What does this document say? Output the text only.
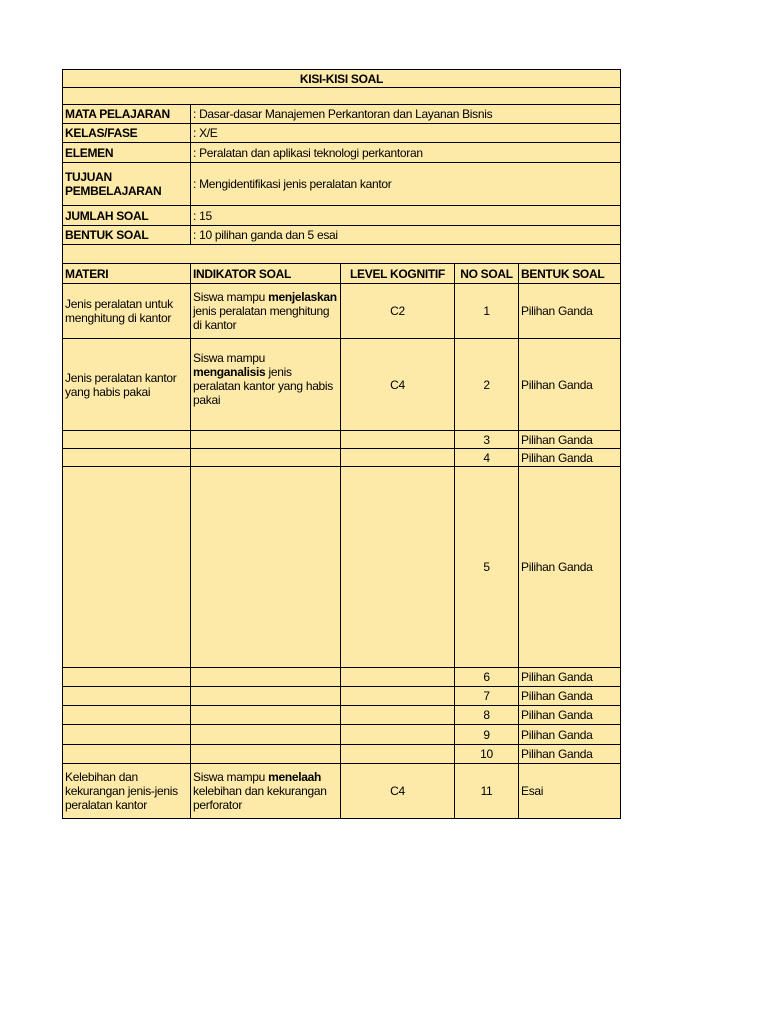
KISI-KISI SOAL				

MATA PELAJARAN	: Dasar-dasar Manajemen Perkantoran dan Layanan Bisnis			
KELAS/FASE	: X/E			
ELEMEN	: Peralatan dan aplikasi teknologi perkantoran			
TUJUAN PEMBELAJARAN	: Mengidentifikasi jenis peralatan kantor			
JUMLAH SOAL	: 15			
BENTUK SOAL	: 10 pilihan ganda dan 5 esai			

MATERI	INDIKATOR SOAL	LEVEL KOGNITIF	NO SOAL	BENTUK SOAL
Jenis peralatan untuk menghitung di kantor	Siswa mampu menjelaskan jenis peralatan menghitung di kantor	C2	1	Pilihan Ganda
Jenis peralatan kantor yang habis pakai	Siswa mampu menganalisis jenis peralatan kantor yang habis pakai	C4	2	Pilihan Ganda
			3	Pilihan Ganda
			4	Pilihan Ganda
			5	Pilihan Ganda
			6	Pilihan Ganda
			7	Pilihan Ganda
			8	Pilihan Ganda
			9	Pilihan Ganda
			10	Pilihan Ganda
Kelebihan dan kekurangan jenis-jenis peralatan kantor	Siswa mampu menelaah kelebihan dan kekurangan perforator	C4	11	Esai
